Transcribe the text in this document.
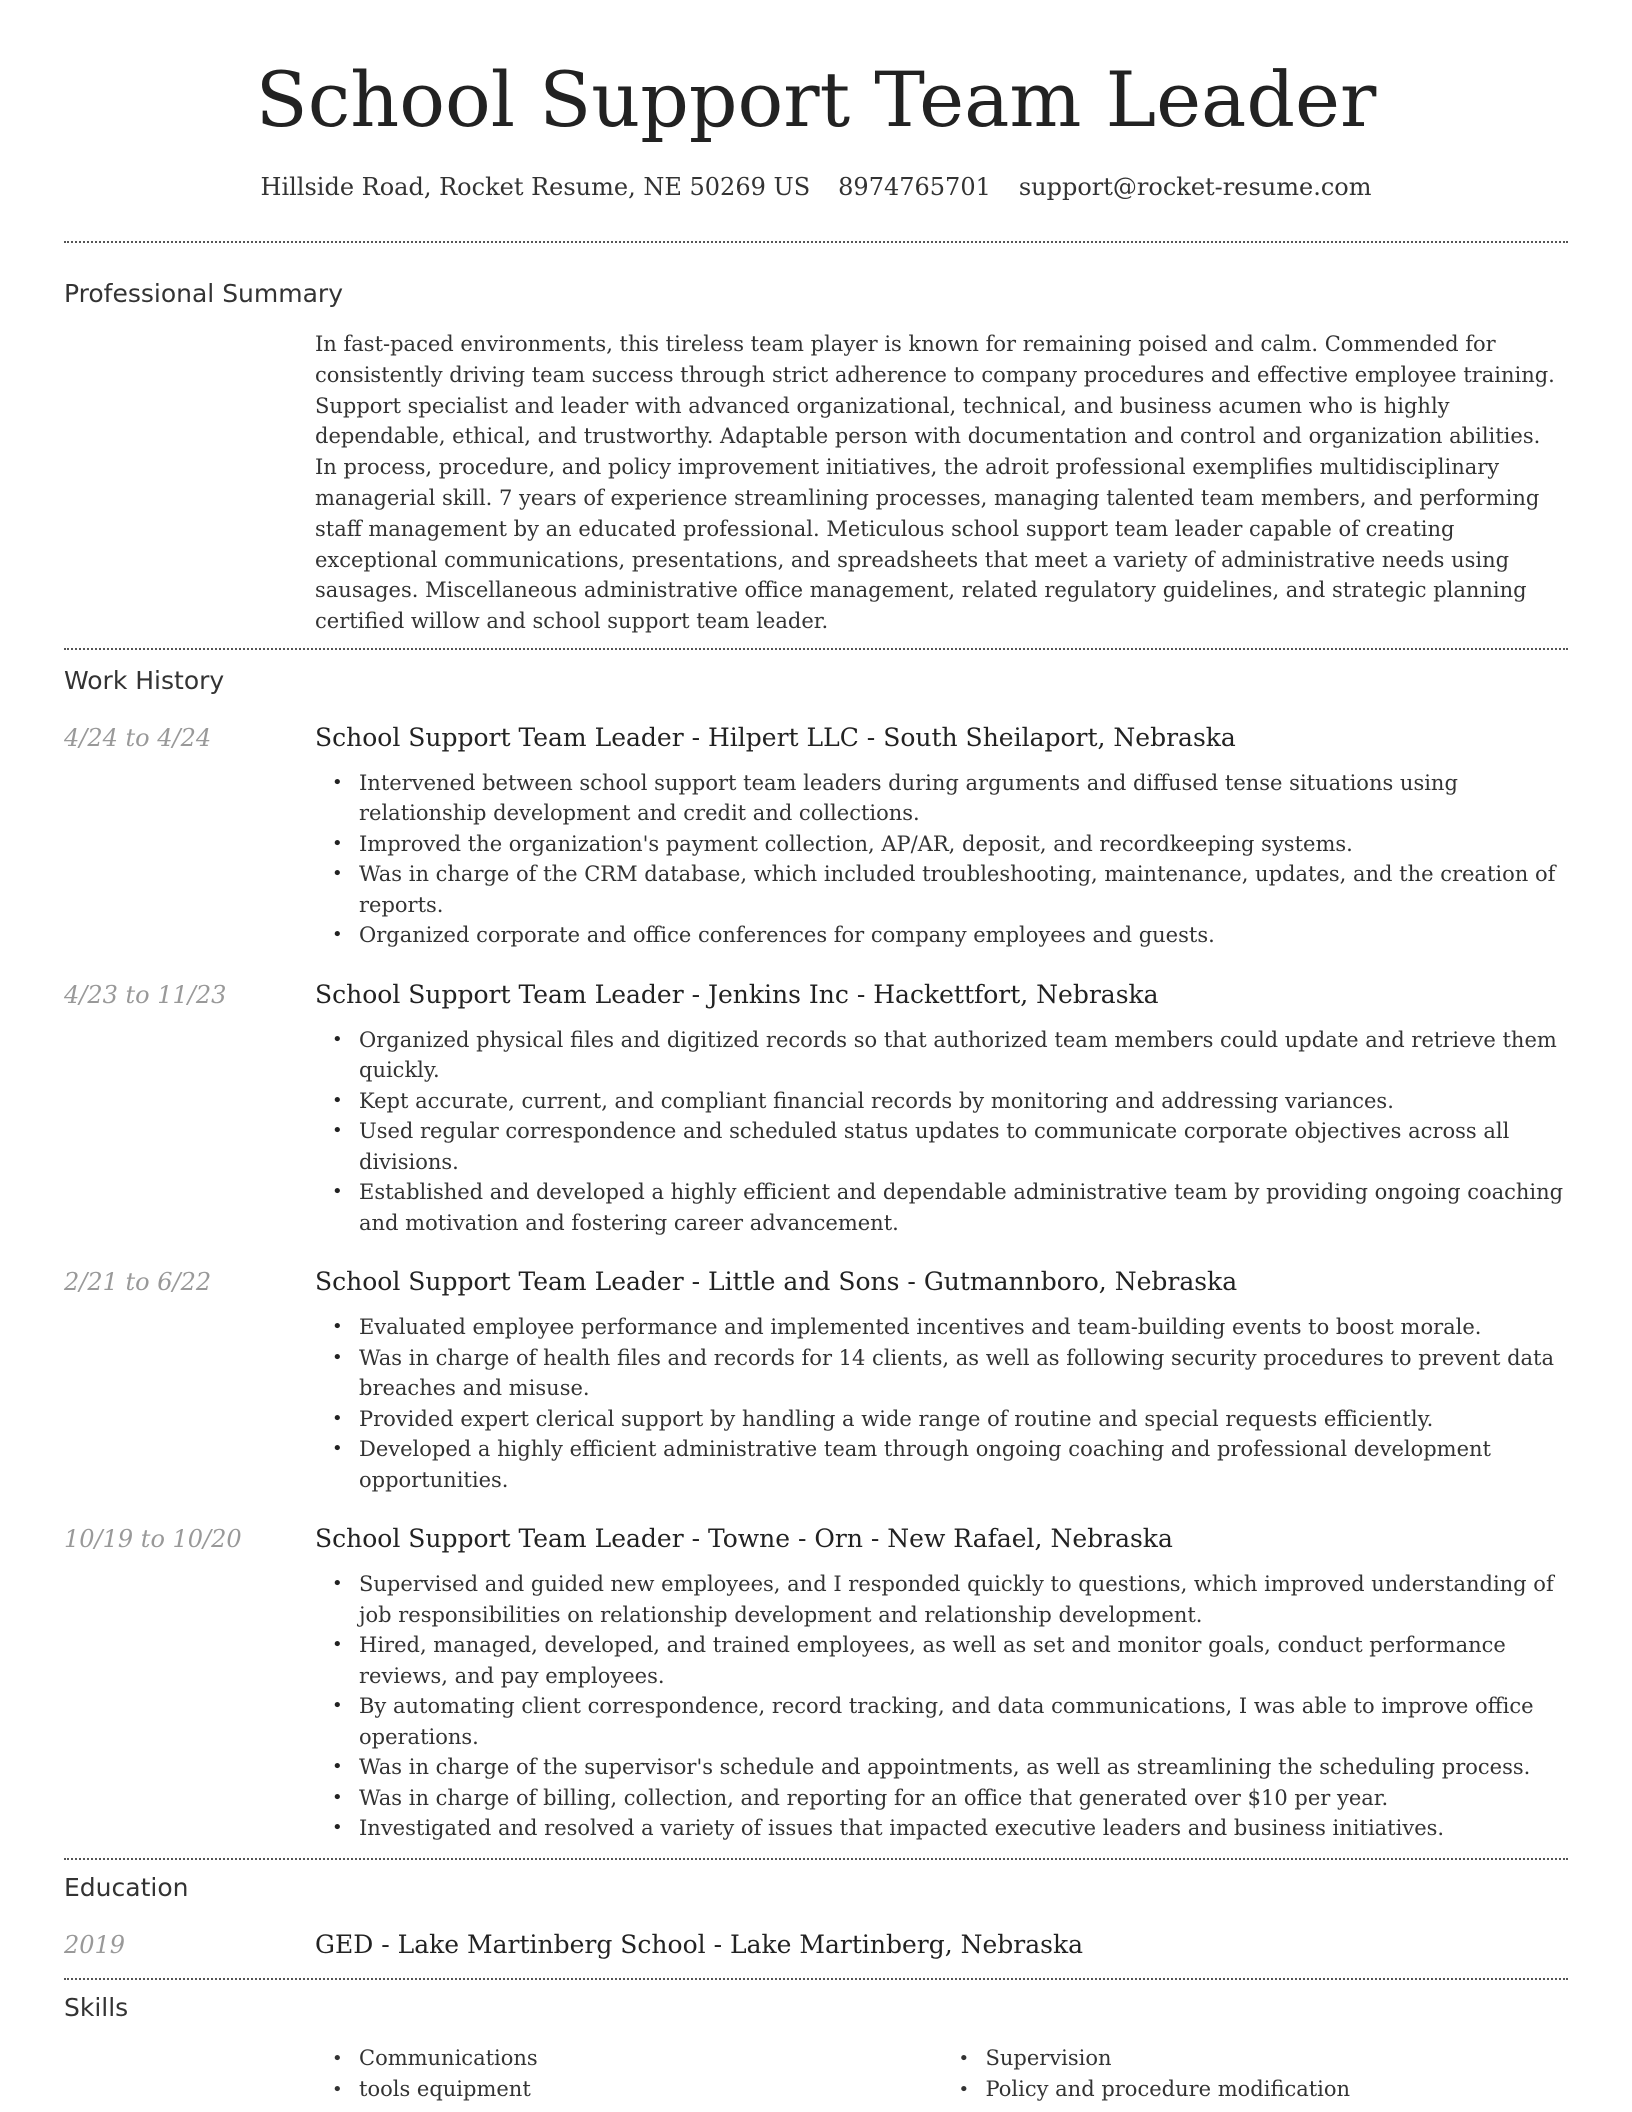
School Support Team Leader
Hillside Road, Rocket Resume, NE 50269 US 8974765701 support@rocket-resume.com
Professional Summary

In fast-paced environments, this tireless team player is known for remaining poised and calm. Commended for consistently driving team success through strict adherence to company procedures and effective employee training. Support specialist and leader with advanced organizational, technical, and business acumen who is highly dependable, ethical, and trustworthy. Adaptable person with documentation and control and organization abilities. In process, procedure, and policy improvement initiatives, the adroit professional exemplifies multidisciplinary managerial skill. 7 years of experience streamlining processes, managing talented team members, and performing staff management by an educated professional. Meticulous school support team leader capable of creating exceptional communications, presentations, and spreadsheets that meet a variety of administrative needs using sausages. Miscellaneous administrative office management, related regulatory guidelines, and strategic planning certified willow and school support team leader.

Work History
4/24 to 4/24	School Support Team Leader - Hilpert LLC - South Sheilaport, Nebraska
• Intervened between school support team leaders during arguments and diffused tense situations using relationship development and credit and collections.
• Improved the organization's payment collection, AP/AR, deposit, and recordkeeping systems.
• Was in charge of the CRM database, which included troubleshooting, maintenance, updates, and the creation of reports.
• Organized corporate and office conferences for company employees and guests.
4/23 to 11/23	School Support Team Leader - Jenkins Inc - Hackettfort, Nebraska
• Organized physical files and digitized records so that authorized team members could update and retrieve them quickly.
• Kept accurate, current, and compliant financial records by monitoring and addressing variances.
• Used regular correspondence and scheduled status updates to communicate corporate objectives across all divisions.
• Established and developed a highly efficient and dependable administrative team by providing ongoing coaching and motivation and fostering career advancement.
2/21 to 6/22	School Support Team Leader - Little and Sons - Gutmannboro, Nebraska
• Evaluated employee performance and implemented incentives and team-building events to boost morale.
• Was in charge of health files and records for 14 clients, as well as following security procedures to prevent data breaches and misuse.
• Provided expert clerical support by handling a wide range of routine and special requests efficiently.
• Developed a highly efficient administrative team through ongoing coaching and professional development opportunities.
10/19 to 10/20	School Support Team Leader - Towne - Orn - New Rafael, Nebraska
• Supervised and guided new employees, and I responded quickly to questions, which improved understanding of job responsibilities on relationship development and relationship development.
• Hired, managed, developed, and trained employees, as well as set and monitor goals, conduct performance reviews, and pay employees.
• By automating client correspondence, record tracking, and data communications, I was able to improve office operations.
• Was in charge of the supervisor's schedule and appointments, as well as streamlining the scheduling process.
• Was in charge of billing, collection, and reporting for an office that generated over $10 per year.
• Investigated and resolved a variety of issues that impacted executive leaders and business initiatives.
Education
2019	GED - Lake Martinberg School - Lake Martinberg, Nebraska
Skills
• Communications
• tools equipment
• Supervision
• Policy and procedure modification
